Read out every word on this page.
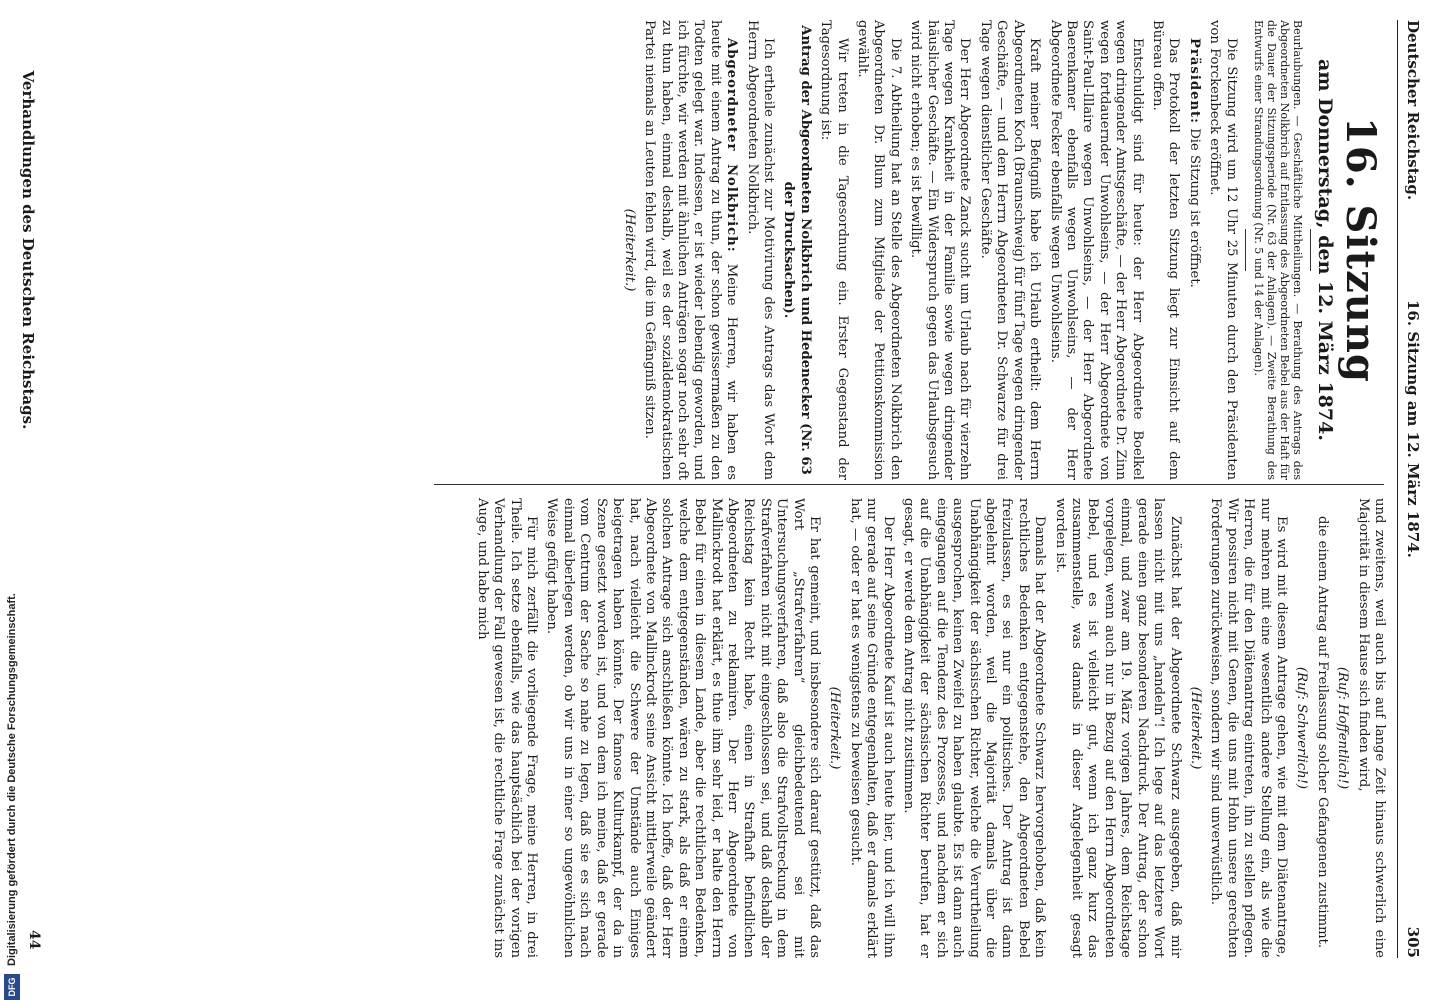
Deutscher Reichstag.
16. Sitzung am 12. März 1874.
305
16. Sitzung
am Donnerstag, den 12. März 1874.
Beurlaubungen. — Geschäftliche Mittheilungen. — Berathung des Antrags des Abgeordneten Nolkbrich auf Entlassung des Abgeordneten Bebel aus der Haft für die Dauer der Sitzungsperiode (Nr. 63 der Anlagen). — Zweite Berathung des Entwurfs einer Strandungsordnung (Nr. 5 und 14 der Anlagen).

Die Sitzung wird um 12 Uhr 25 Minuten durch den Präsidenten von Forckenbeck eröffnet.

Präsident: Die Sitzung ist eröffnet.

Das Protokoll der letzten Sitzung liegt zur Einsicht auf dem Büreau offen.

Entschuldigt sind für heute: der Herr Abgeordnete Boelkel wegen dringender Amtsgeschäfte, — der Herr Abgeordnete Dr. Zinn wegen fortdauernder Unwohlseins, — der Herr Abgeordnete von Saint-Paul-Illaire wegen Unwohlseins, — der Herr Abgeordnete Baerenkamer ebenfalls wegen Unwohlseins, — der Herr Abgeordnete Fecker ebenfalls wegen Unwohlseins.

Kraft meiner Befugniß habe ich Urlaub ertheilt: dem Herrn Abgeordneten Koch (Braunschweig) für fünf Tage wegen dringender Geschäfte, — und dem Herrn Abgeordneten Dr. Schwarze für drei Tage wegen dienstlicher Geschäfte.

Der Herr Abgeordnete Zanck sucht um Urlaub nach für vierzehn Tage wegen Krankheit in der Familie sowie wegen dringender häuslicher Geschäfte. — Ein Widerspruch gegen das Urlaubsgesuch wird nicht erhoben; es ist bewilligt.

Die 7. Abtheilung hat an Stelle des Abgeordneten Nolkbrich den Abgeordneten Dr. Blum zum Mitgliede der Petitionskommission gewählt.

Wir treten in die Tagesordnung ein. Erster Gegenstand der Tagesordnung ist:

Antrag der Abgeordneten Nolkbrich und Hedenecker (Nr. 63 der Drucksachen).

Ich ertheile zunächst zur Motivirung des Antrags das Wort dem Herrn Abgeordneten Nolkbrich.

Abgeordneter Nolkbrich: Meine Herren, wir haben es heute mit einem Antrag zu thun, der schon gewissermaßen zu den Todten gelegt war. Indessen, er ist wieder lebendig geworden, und ich fürchte, wir werden mit ähnlichen Anträgen sogar noch sehr oft zu thun haben, einmal deshalb, weil es der sozialdemokratischen Partei niemals an Leuten fehlen wird, die im Gefängniß sitzen.

(Heiterkeit.)

und zweitens, weil auch bis auf lange Zeit hinaus schwerlich eine Majorität in diesem Hause sich finden wird,

(Ruf: Hoffentlich!)

die einem Antrag auf Freilassung solcher Gefangenen zustimmt.

(Ruf: Schwerlich!)

Es wird mit diesem Antrage gehen, wie mit dem Diätenantrage, nur mehren mit eine wesentlich andere Stellung ein, als wie die Herren, die für den Diätenantrag eintreten, ihn zu stellen pflegen. Wir possiren nicht mit Genen, die uns mit Hohn unsere gerechten Forderungen zurückweisen, sondern wir sind unverwüstlich.

(Heiterkeit.)

Zunächst hat der Abgeordnete Schwarz ausgegeben, daß mir lassen nicht mit uns „handeln“! Ich lege auf das letztere Wort gerade einen ganz besonderen Nachdruck. Der Antrag, der schon einmal, und zwar am 19. März vorigen Jahres, dem Reichstage vorgelegen, wenn auch nur in Bezug auf den Herrn Abgeordneten Bebel, und es ist vielleicht gut, wenn ich ganz kurz das zusammenstelle, was damals in dieser Angelegenheit gesagt worden ist.

Damals hat der Abgeordnete Schwarz hervorgehoben, daß kein rechtliches Bedenken entgegenstehe, den Abgeordneten Bebel freizulassen, es sei nur ein politisches. Der Antrag ist dann abgelehnt worden, weil die Majorität damals über die Unabhängigkeit der sächsischen Richter, welche die Verurtheilung ausgesprochen, keinen Zweifel zu haben glaubte. Es ist dann auch eingegangen auf die Tendenz des Prozesses, und nachdem er sich auf die Unabhängigkeit der sächsischen Richter berufen, hat er gesagt, er werde dem Antrag nicht zustimmen.

Der Herr Abgeordnete Kauf ist auch heute hier, und ich will ihm nur gerade auf seine Gründe entgegenhalten, daß er damals erklärt hat, — oder er hat es wenigstens zu beweisen gesucht.

(Heiterkeit.)

Er hat gemeint, und insbesondere sich darauf gestützt, daß das Wort „Strafverfahren“ gleichbedeutend sei mit Untersuchungsverfahren, daß also die Strafvollstreckung in dem Strafverfahren nicht mit eingeschlossen sei, und daß deshalb der Reichstag kein Recht habe, einen in Strafhaft befindlichen Abgeordneten zu reklamiren. Der Herr Abgeordnete von Mallinckrodt hat erklärt, es thue ihm sehr leid, er halte den Herrn Bebel für einen in diesem Lande, aber die rechtlichen Bedenken, welche dem entgegenständen, wären zu stark, als daß er einem solchen Antrage sich anschließen könnte. Ich hoffe, daß der Herr Abgeordnete von Mallinckrodt seine Ansicht mittlerweile geändert hat, nach vielleicht die Schwere der Umstände auch Einiges beigetragen haben könnte. Der famose Kulturkampf, der da in Szene gesetzt worden ist, und von dem ich meine, daß er gerade vom Centrum der Sache so nahe zu legen, daß sie es sich nach einmal überlegen werden, ob wir uns in einer so ungewöhnlichen Weise gefügt haben.

Für mich zerfällt die vorliegende Frage, meine Herren, in drei Theile. Ich setze ebenfalls, wie das hauptsächlich bei der vorigen Verhandlung der Fall gewesen ist, die rechtliche Frage zunächst ins Auge, und habe mich

44
Verhandlungen des Deutschen Reichstags.
DFG
Digitalisierung gefördert durch die Deutsche Forschungsgemeinschaft.
